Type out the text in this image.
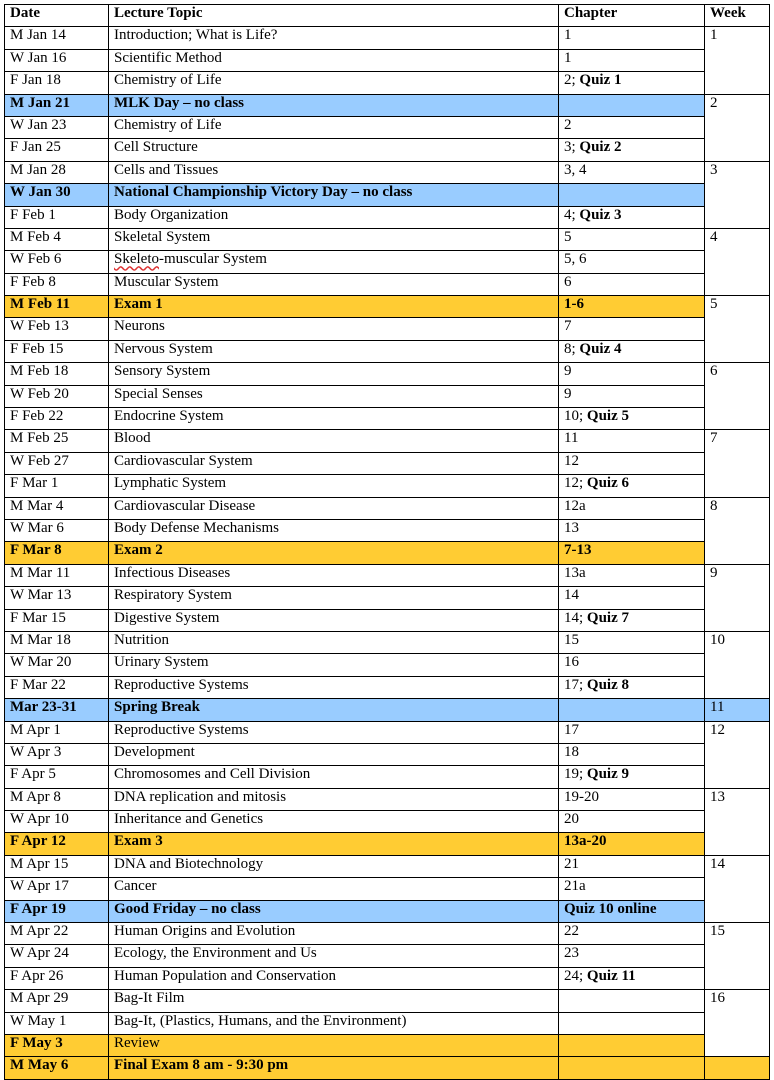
Date	Lecture Topic	Chapter	Week
M Jan 14	Introduction; What is Life?	1	1
W Jan 16	Scientific Method	1	
F Jan 18	Chemistry of Life	2; Quiz 1	
M Jan 21	MLK Day – no class		2
W Jan 23	Chemistry of Life	2	
F Jan 25	Cell Structure	3; Quiz 2	
M Jan 28	Cells and Tissues	3, 4	3
W Jan 30	National Championship Victory Day – no class		
F Feb 1	Body Organization	4; Quiz 3	
M Feb 4	Skeletal System	5	4
W Feb 6	Skeleto-muscular System	5, 6	
F Feb 8	Muscular System	6	
M Feb 11	Exam 1	1-6	5
W Feb 13	Neurons	7	
F Feb 15	Nervous System	8; Quiz 4	
M Feb 18	Sensory System	9	6
W Feb 20	Special Senses	9	
F Feb 22	Endocrine System	10; Quiz 5	
M Feb 25	Blood	11	7
W Feb 27	Cardiovascular System	12	
F Mar 1	Lymphatic System	12; Quiz 6	
M Mar 4	Cardiovascular Disease	12a	8
W Mar 6	Body Defense Mechanisms	13	
F Mar 8	Exam 2	7-13	
M Mar 11	Infectious Diseases	13a	9
W Mar 13	Respiratory System	14	
F Mar 15	Digestive System	14; Quiz 7	
M Mar 18	Nutrition	15	10
W Mar 20	Urinary System	16	
F Mar 22	Reproductive Systems	17; Quiz 8	
Mar 23-31	Spring Break		11
M Apr 1	Reproductive Systems	17	12
W Apr 3	Development	18	
F Apr 5	Chromosomes and Cell Division	19; Quiz 9	
M Apr 8	DNA replication and mitosis	19-20	13
W Apr 10	Inheritance and Genetics	20	
F Apr 12	Exam 3	13a-20	
M Apr 15	DNA and Biotechnology	21	14
W Apr 17	Cancer	21a	
F Apr 19	Good Friday – no class	Quiz 10 online	
M Apr 22	Human Origins and Evolution	22	15
W Apr 24	Ecology, the Environment and Us	23	
F Apr 26	Human Population and Conservation	24; Quiz 11	
M Apr 29	Bag-It Film		16
W May 1	Bag-It, (Plastics, Humans, and the Environment)		
F May 3	Review		
M May 6	Final Exam 8 am - 9:30 pm		
